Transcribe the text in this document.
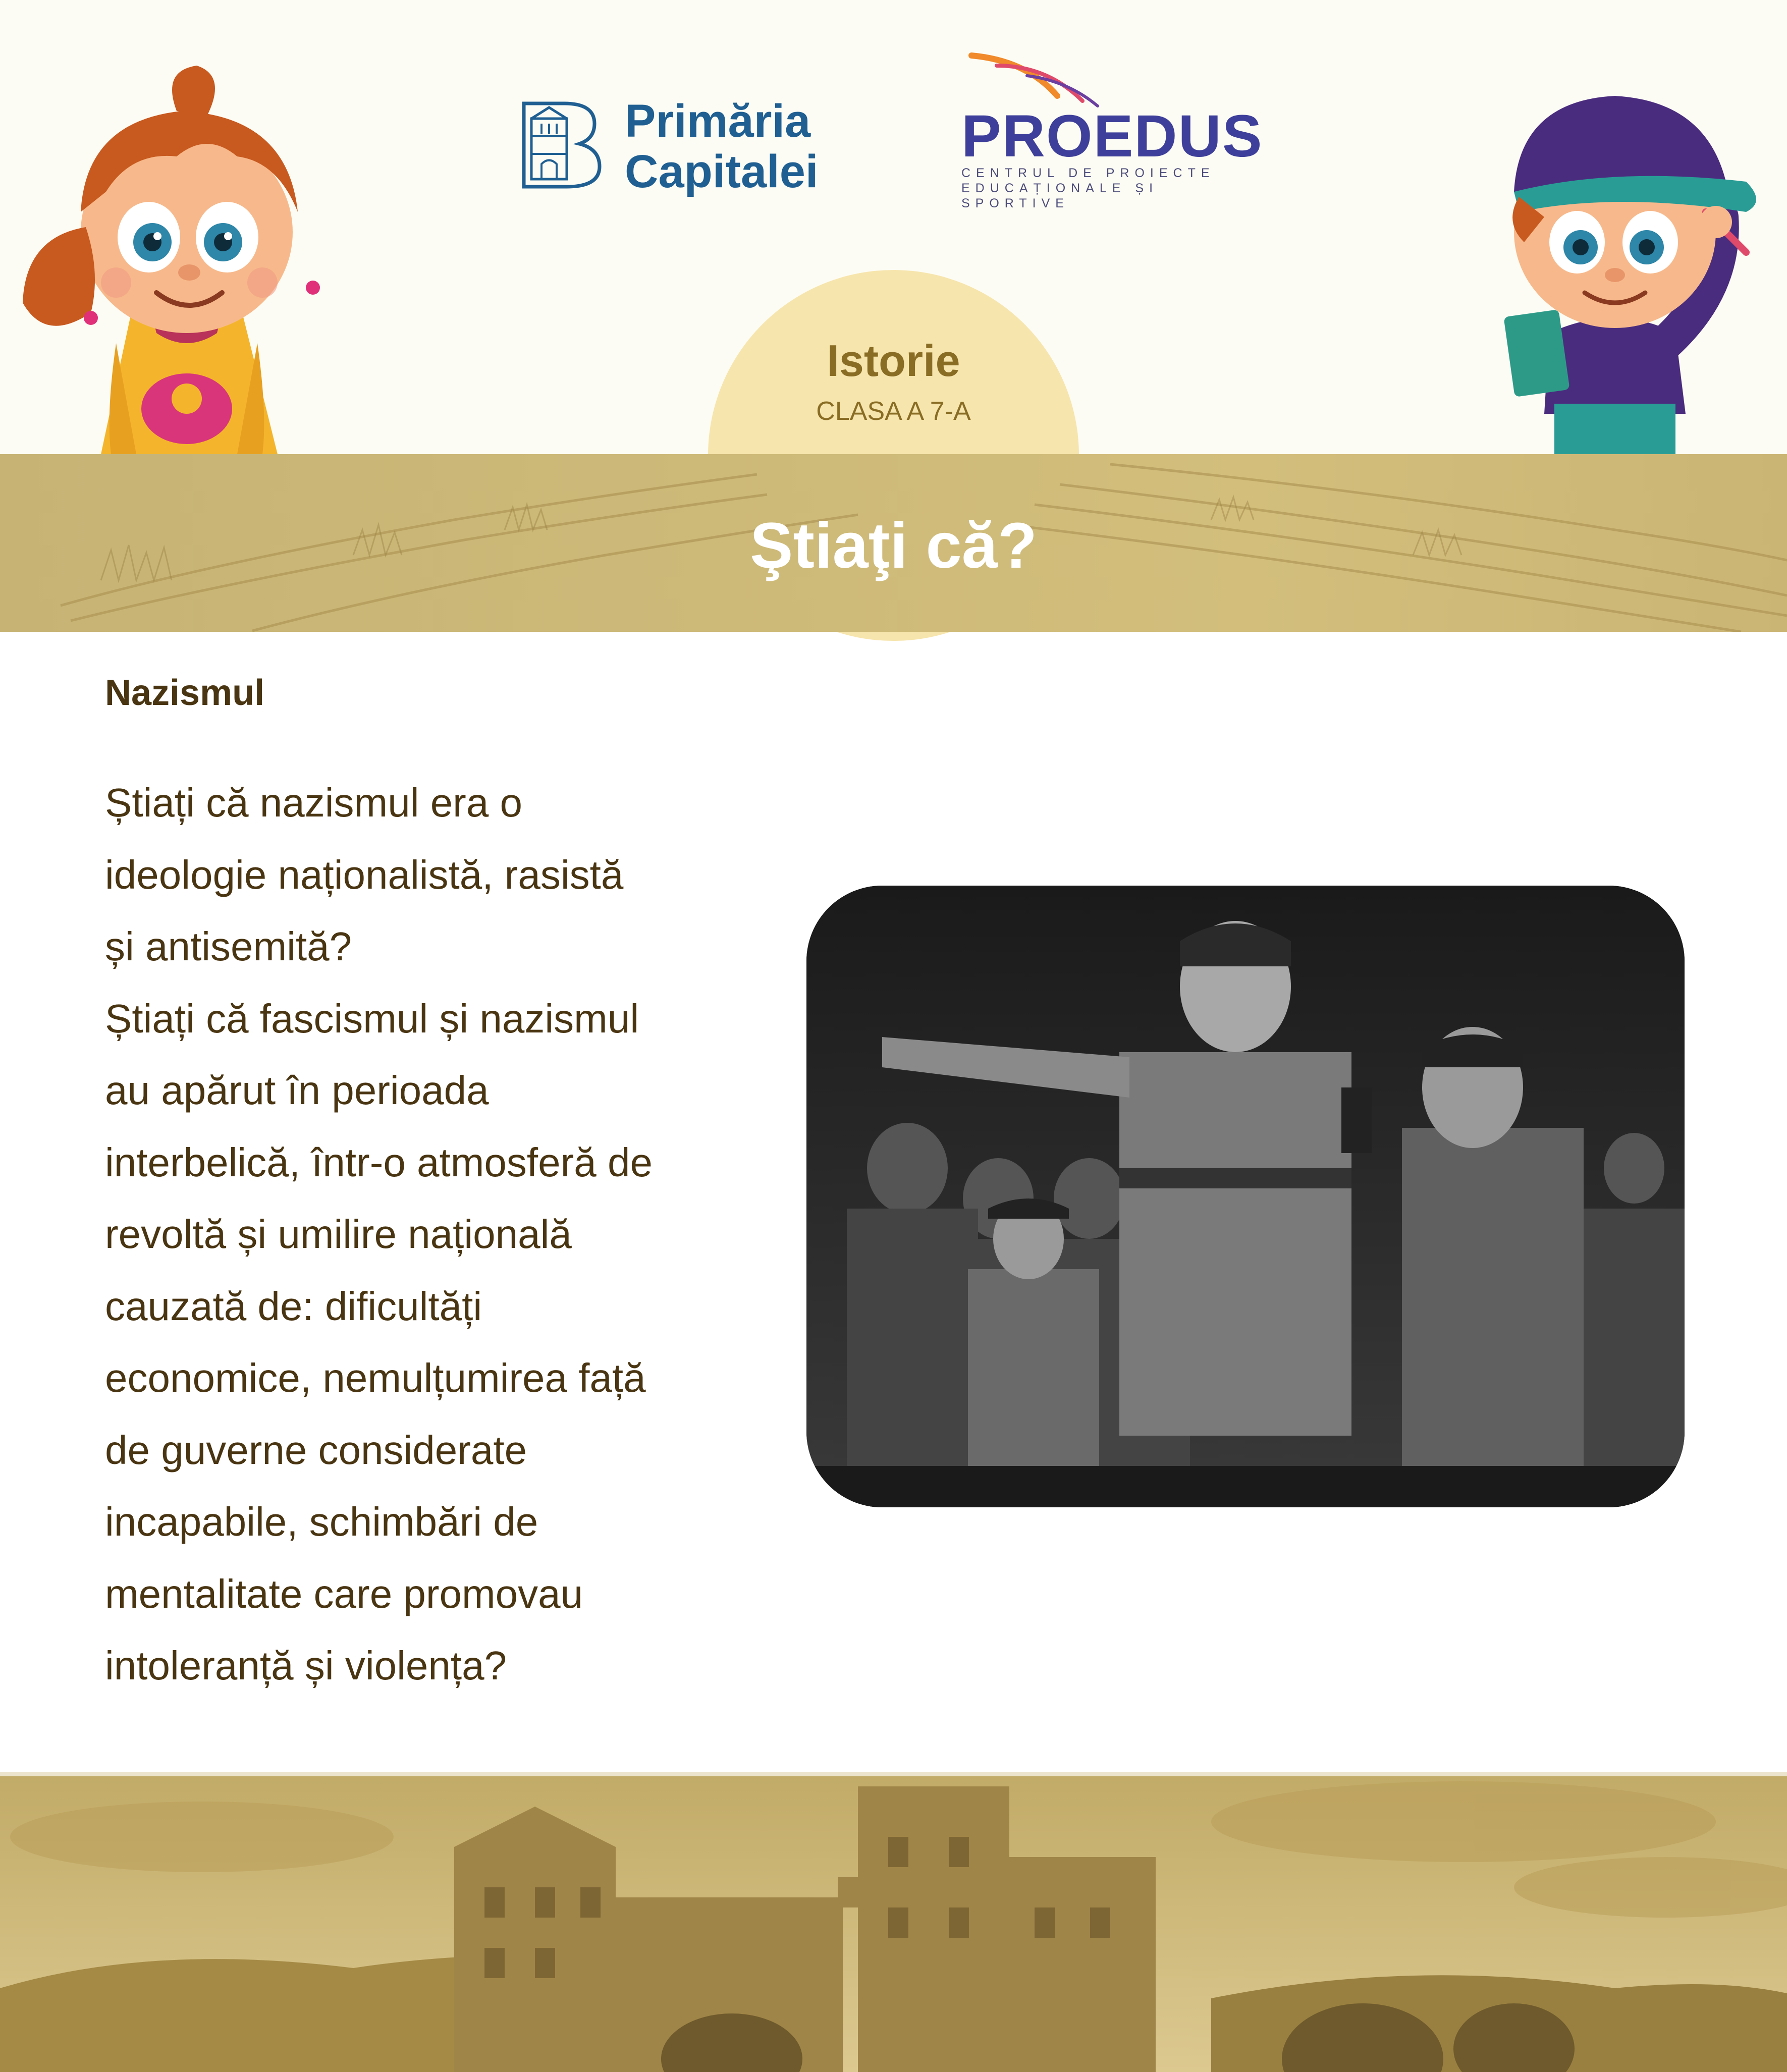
Primăria
Capitalei
PROEDUS
CENTRUL DE PROIECTE
EDUCAȚIONALE ȘI SPORTIVE
Istorie
CLASA A 7-A
Ştiaţi că?
Nazismul
Știați că nazismul era o
ideologie naționalistă, rasistă
și antisemită?
Știați că fascismul și nazismul
au apărut în perioada
interbelică, într-o atmosferă de
revoltă și umilire națională
cauzată de: dificultăți
economice, nemulțumirea față
de guverne considerate
incapabile, schimbări de
mentalitate care promovau
intoleranță și violența?
